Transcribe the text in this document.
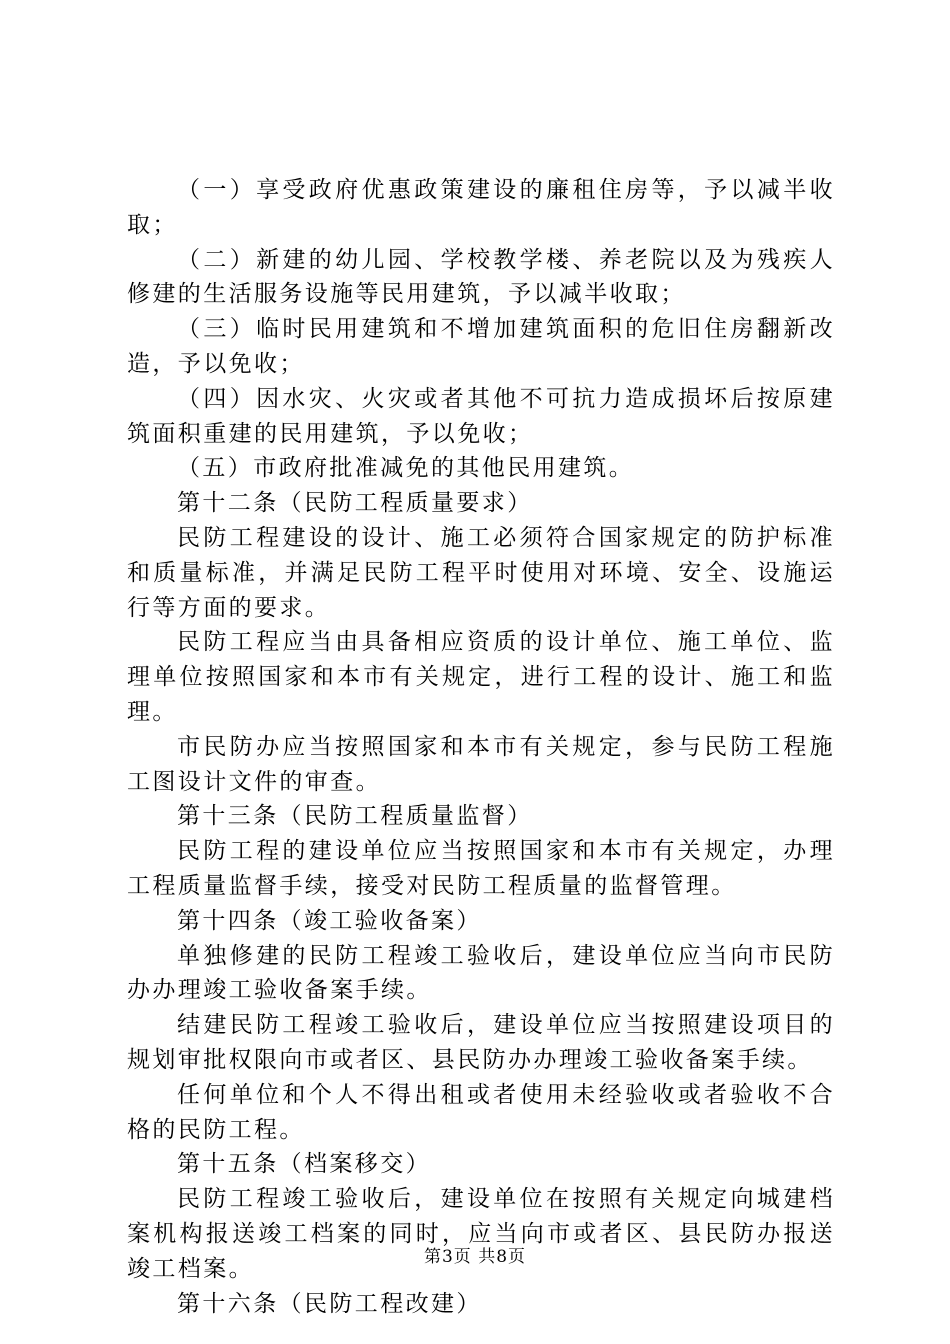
（一）享受政府优惠政策建设的廉租住房等，予以减半收取；

（二）新建的幼儿园、学校教学楼、养老院以及为残疾人修建的生活服务设施等民用建筑，予以减半收取；

（三）临时民用建筑和不增加建筑面积的危旧住房翻新改造，予以免收；

（四）因水灾、火灾或者其他不可抗力造成损坏后按原建筑面积重建的民用建筑，予以免收；

（五）市政府批准减免的其他民用建筑。

第十二条（民防工程质量要求）

民防工程建设的设计、施工必须符合国家规定的防护标准和质量标准，并满足民防工程平时使用对环境、安全、设施运行等方面的要求。

民防工程应当由具备相应资质的设计单位、施工单位、监理单位按照国家和本市有关规定，进行工程的设计、施工和监理。

市民防办应当按照国家和本市有关规定，参与民防工程施工图设计文件的审查。

第十三条（民防工程质量监督）

民防工程的建设单位应当按照国家和本市有关规定，办理工程质量监督手续，接受对民防工程质量的监督管理。

第十四条（竣工验收备案）

单独修建的民防工程竣工验收后，建设单位应当向市民防办办理竣工验收备案手续。

结建民防工程竣工验收后，建设单位应当按照建设项目的规划审批权限向市或者区、县民防办办理竣工验收备案手续。

任何单位和个人不得出租或者使用未经验收或者验收不合格的民防工程。

第十五条（档案移交）

民防工程竣工验收后，建设单位在按照有关规定向城建档案机构报送竣工档案的同时，应当向市或者区、县民防办报送竣工档案。

第十六条（民防工程改建）

第3页 共8页
